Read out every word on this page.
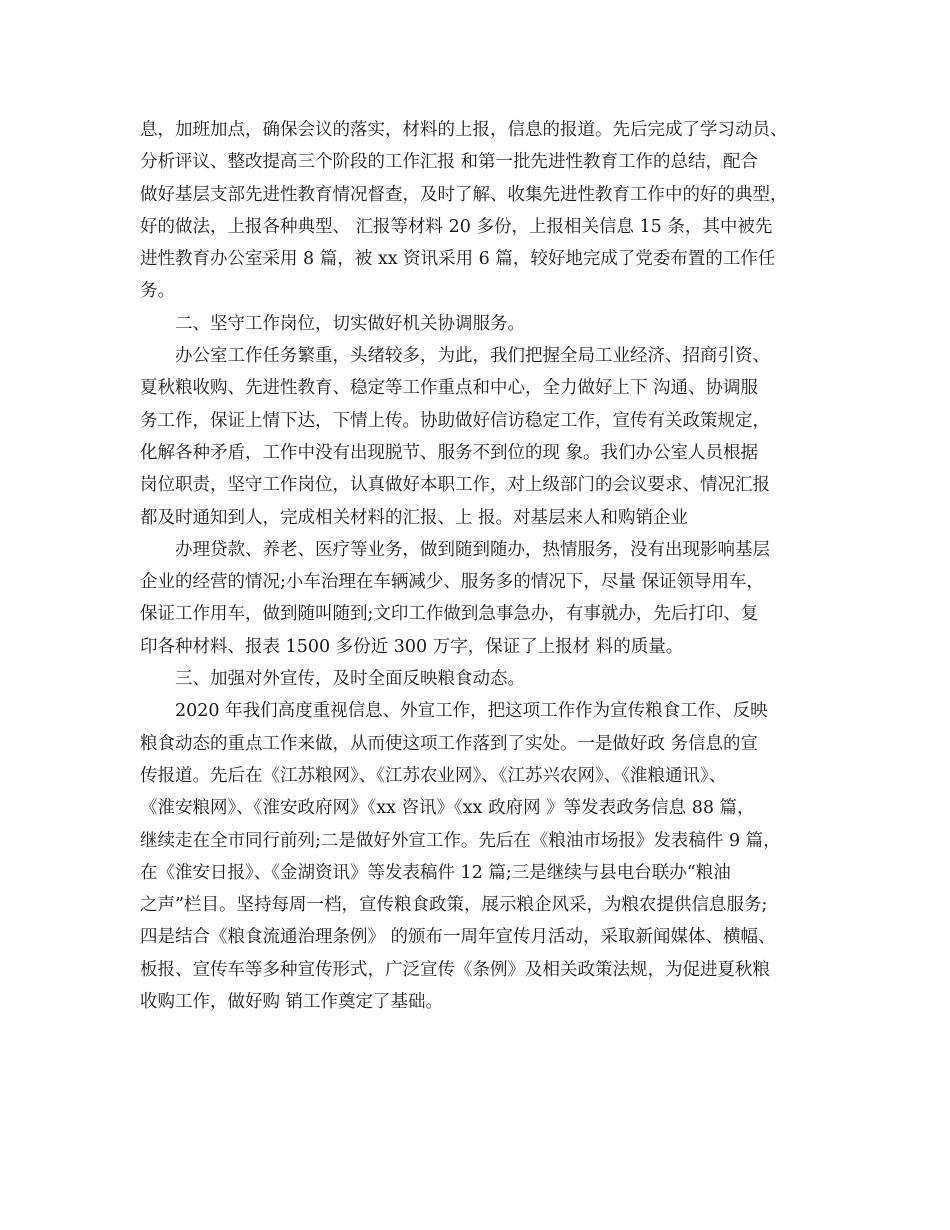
息，加班加点，确保会议的落实，材料的上报，信息的报道。先后完成了学习动员、
分析评议、整改提高三个阶段的工作汇报 和第一批先进性教育工作的总结，配合
做好基层支部先进性教育情况督查，及时了解、收集先进性教育工作中的好的典型，
好的做法，上报各种典型、 汇报等材料 20 多份，上报相关信息 15 条，其中被先
进性教育办公室采用 8 篇，被 xx 资讯采用 6 篇，较好地完成了党委布置的工作任
务。
二、坚守工作岗位，切实做好机关协调服务。
办公室工作任务繁重，头绪较多，为此，我们把握全局工业经济、招商引资、
夏秋粮收购、先进性教育、稳定等工作重点和中心，全力做好上下 沟通、协调服
务工作，保证上情下达，下情上传。协助做好信访稳定工作，宣传有关政策规定，
化解各种矛盾，工作中没有出现脱节、服务不到位的现 象。我们办公室人员根据
岗位职责，坚守工作岗位，认真做好本职工作，对上级部门的会议要求、情况汇报
都及时通知到人，完成相关材料的汇报、上 报。对基层来人和购销企业
办理贷款、养老、医疗等业务，做到随到随办，热情服务，没有出现影响基层
企业的经营的情况;小车治理在车辆减少、服务多的情况下，尽量 保证领导用车，
保证工作用车，做到随叫随到;文印工作做到急事急办，有事就办，先后打印、复
印各种材料、报表 1500 多份近 300 万字，保证了上报材 料的质量。
三、加强对外宣传，及时全面反映粮食动态。
2020 年我们高度重视信息、外宣工作，把这项工作作为宣传粮食工作、反映
粮食动态的重点工作来做，从而使这项工作落到了实处。一是做好政 务信息的宣
传报道。先后在《江苏粮网》、《江苏农业网》、《江苏兴农网》、《淮粮通讯》、
《淮安粮网》、《淮安政府网》《xx 咨讯》《xx 政府网 》等发表政务信息 88 篇，
继续走在全市同行前列;二是做好外宣工作。先后在《粮油市场报》发表稿件 9 篇，
在《淮安日报》、《金湖资讯》等发表稿件 12 篇;三是继续与县电台联办“粮油
之声”栏目。坚持每周一档，宣传粮食政策，展示粮企风采，为粮农提供信息服务;
四是结合《粮食流通治理条例》 的颁布一周年宣传月活动，采取新闻媒体、横幅、
板报、宣传车等多种宣传形式，广泛宣传《条例》及相关政策法规，为促进夏秋粮
收购工作，做好购 销工作奠定了基础。
